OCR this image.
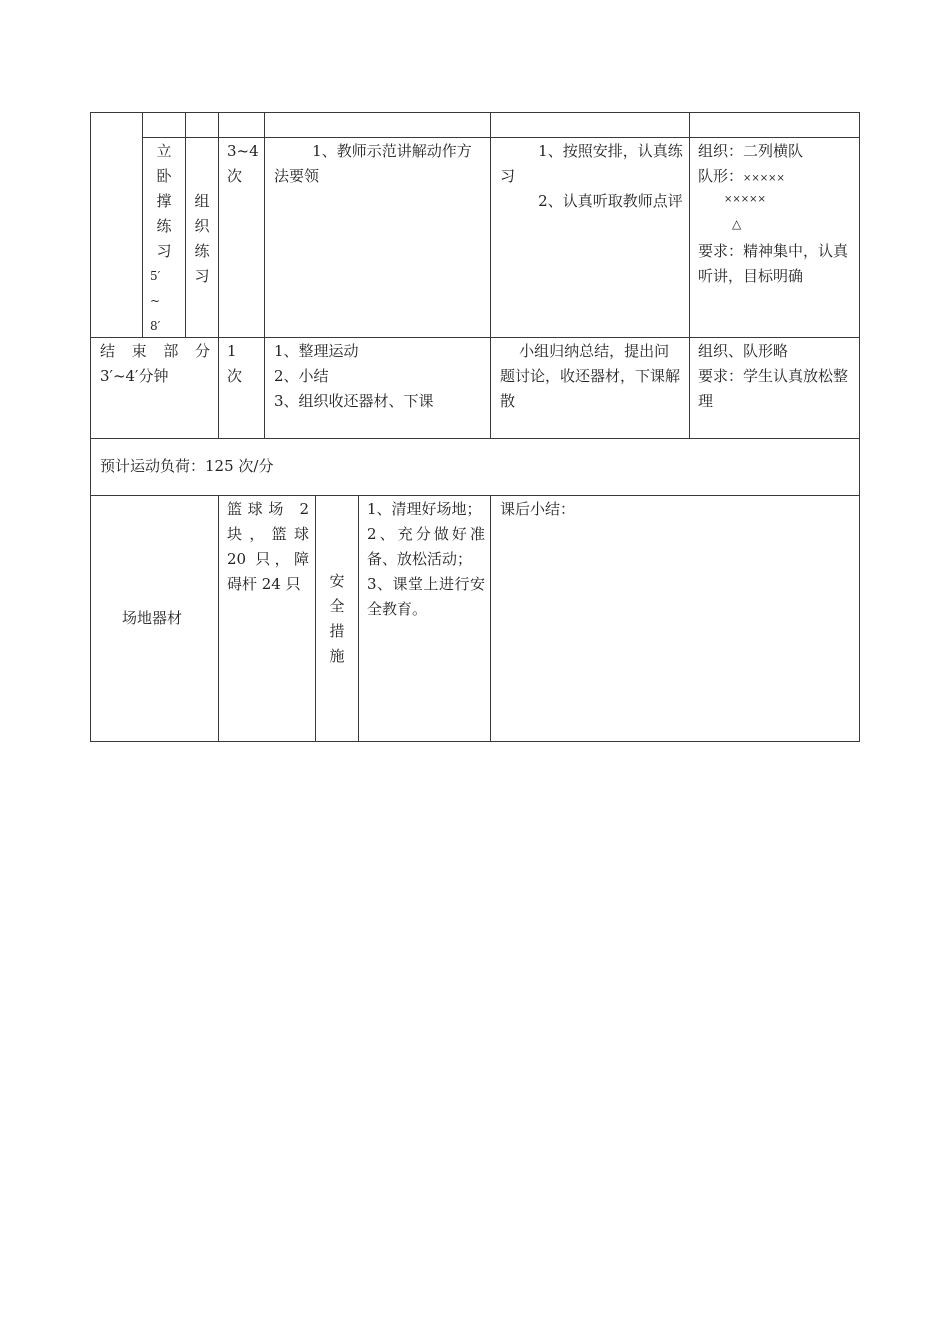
立
卧
撑
练
习
5′
~
8′
组
织
练
习
3~4
次
1、教师示范讲解动作方法要领
1、按照安排，认真练习
2、认真听取教师点评
组织：二列横队
队形：×××××
×××××
△
要求：精神集中，认真听讲，目标明确
结 束 部 分
3′~4′分钟
1
次
1、整理运动
2、小结
3、组织收还器材、下课
小组归纳总结，提出问题讨论，收还器材，下课解散
组织、队形略
要求：学生认真放松整理
预计运动负荷：125 次/分
场地器材
篮球场 2 块，篮球 20 只，障碍杆 24 只	安
全
措
施
1、清理好场地；
2、充分做好准备、放松活动；
3、课堂上进行安全教育。
课后小结：
